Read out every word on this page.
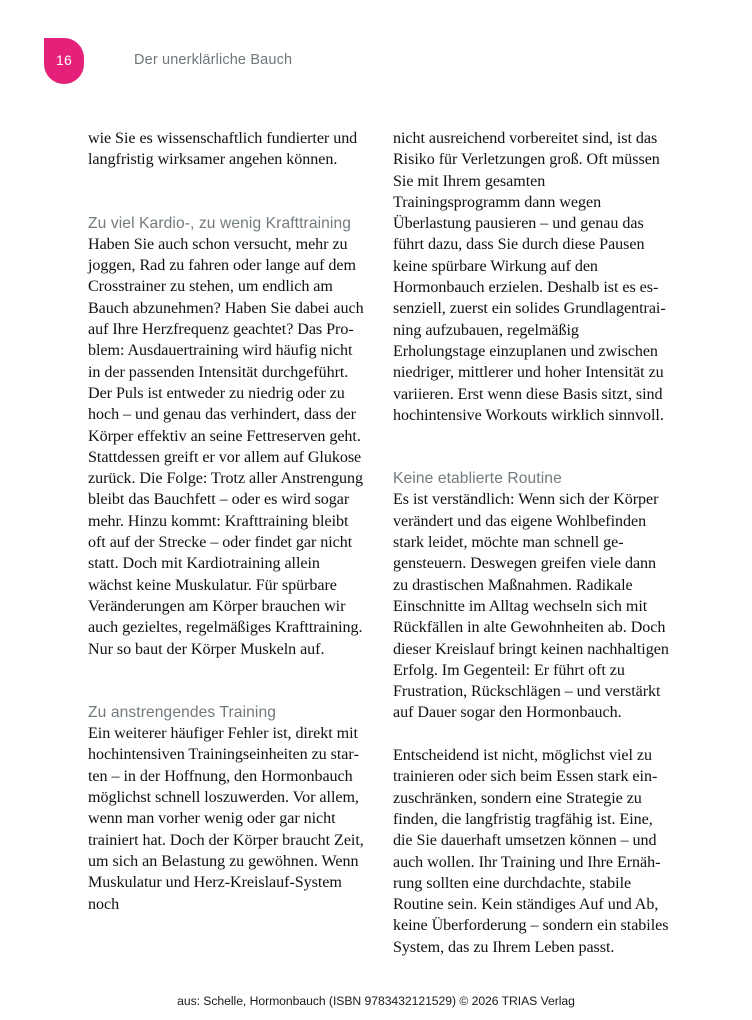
16	Der unerklärliche Bauch

wie Sie es wissenschaftlich fundierter und langfristig wirksamer angehen können.

Zu viel Kardio-, zu wenig Krafttraining

Haben Sie auch schon versucht, mehr zu joggen, Rad zu fahren oder lange auf dem Crosstrainer zu stehen, um endlich am Bauch abzunehmen? Haben Sie dabei auch auf Ihre Herzfrequenz geachtet? Das Problem: Ausdauertraining wird häufig nicht in der passenden Intensität durchgeführt. Der Puls ist entweder zu niedrig oder zu hoch – und genau das verhindert, dass der Körper effektiv an seine Fettreserven geht. Stattdessen greift er vor allem auf Glukose zurück. Die Folge: Trotz aller Anstrengung bleibt das Bauchfett – oder es wird sogar mehr. Hinzu kommt: Krafttraining bleibt oft auf der Strecke – oder findet gar nicht statt. Doch mit Kardiotraining allein wächst keine Muskulatur. Für spürbare Veränderungen am Körper brauchen wir auch gezieltes, regelmäßiges Krafttraining. Nur so baut der Körper Muskeln auf.

Zu anstrengendes Training

Ein weiterer häufiger Fehler ist, direkt mit hochintensiven Trainingseinheiten zu starten – in der Hoffnung, den Hormonbauch möglichst schnell loszuwerden. Vor allem, wenn man vorher wenig oder gar nicht trainiert hat. Doch der Körper braucht Zeit, um sich an Belastung zu gewöhnen. Wenn Muskulatur und Herz-Kreislauf-System noch

nicht ausreichend vorbereitet sind, ist das Risiko für Verletzungen groß. Oft müssen Sie mit Ihrem gesamten Trainingsprogramm dann wegen Überlastung pausieren – und genau das führt dazu, dass Sie durch diese Pausen keine spürbare Wirkung auf den Hormonbauch erzielen. Deshalb ist es essenziell, zuerst ein solides Grundlagentraining aufzubauen, regelmäßig Erholungstage einzuplanen und zwischen niedriger, mittlerer und hoher Intensität zu variieren. Erst wenn diese Basis sitzt, sind hochintensive Workouts wirklich sinnvoll.

Keine etablierte Routine

Es ist verständlich: Wenn sich der Körper verändert und das eigene Wohlbefinden stark leidet, möchte man schnell gegensteuern. Deswegen greifen viele dann zu drastischen Maßnahmen. Radikale Einschnitte im Alltag wechseln sich mit Rückfällen in alte Gewohnheiten ab. Doch dieser Kreislauf bringt keinen nachhaltigen Erfolg. Im Gegenteil: Er führt oft zu Frustration, Rückschlägen – und verstärkt auf Dauer sogar den Hormonbauch.

Entscheidend ist nicht, möglichst viel zu trainieren oder sich beim Essen stark einzuschränken, sondern eine Strategie zu finden, die langfristig tragfähig ist. Eine, die Sie dauerhaft umsetzen können – und auch wollen. Ihr Training und Ihre Ernährung sollten eine durchdachte, stabile Routine sein. Kein ständiges Auf und Ab, keine Überforderung – sondern ein stabiles System, das zu Ihrem Leben passt.

aus: Schelle, Hormonbauch (ISBN 9783432121529) © 2026 TRIAS Verlag
